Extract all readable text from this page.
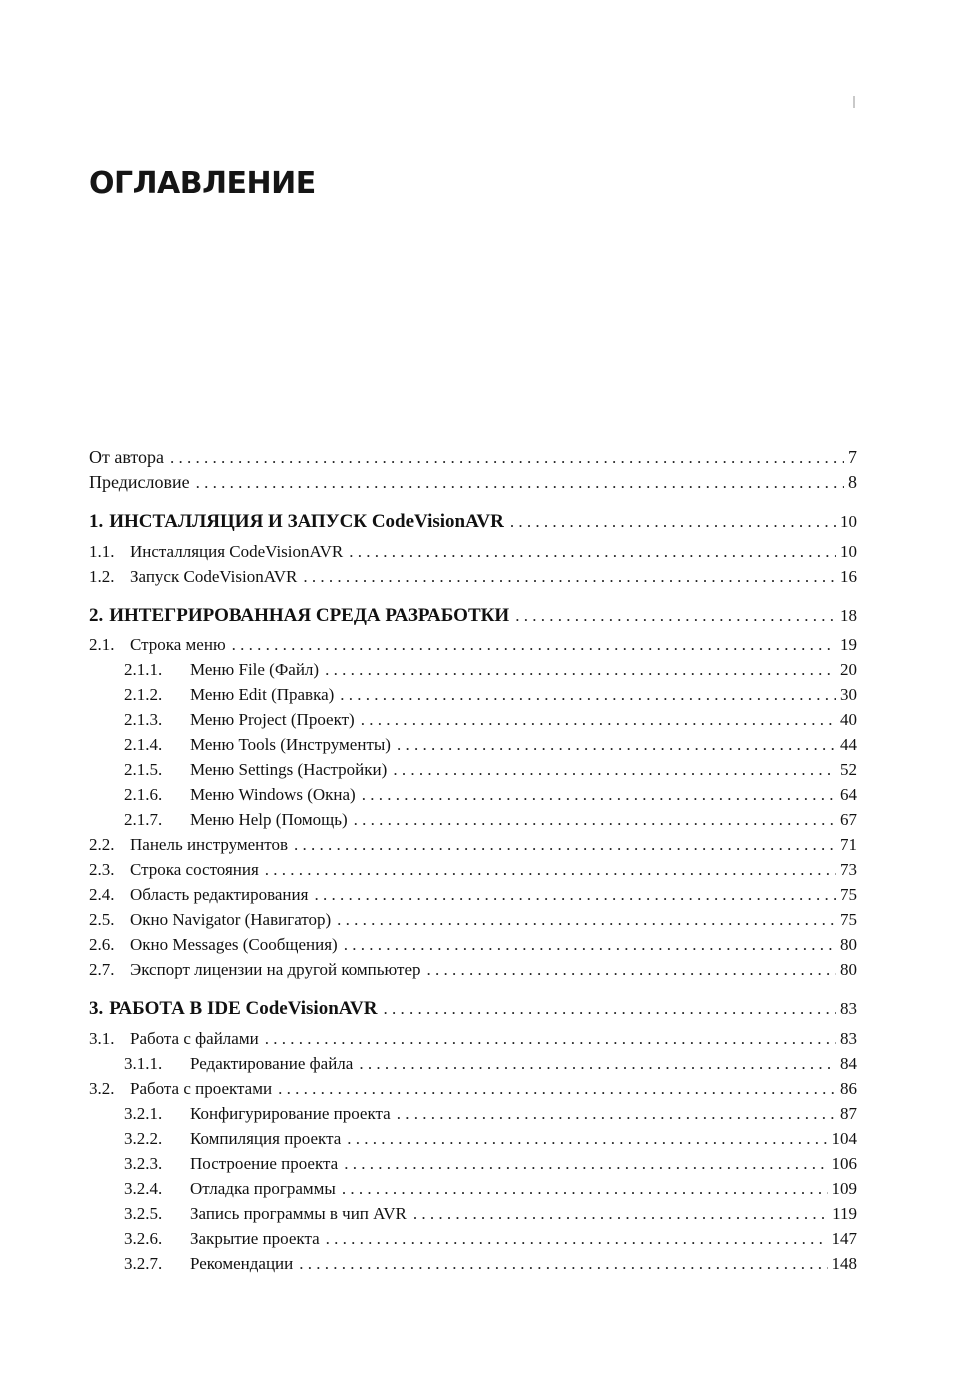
ОГЛАВЛЕНИЕ
От автора . . .	7
Предисловие . . .	8
1. ИНСТАЛЛЯЦИЯ И ЗАПУСК CodeVisionAVR . . .	10
1.1. Инсталляция CodeVisionAVR . . .	10
1.2. Запуск CodeVisionAVR . . .	16
2. ИНТЕГРИРОВАННАЯ СРЕДА РАЗРАБОТКИ . . .	18
2.1. Строка меню . . .	19
2.1.1.	Меню File (Файл) . . .	20
2.1.2.	Меню Edit (Правка) . . .	30
2.1.3.	Меню Project (Проект) . . .	40
2.1.4.	Меню Tools (Инструменты) . . .	44
2.1.5.	Меню Settings (Настройки) . . .	52
2.1.6.	Меню Windows (Окна) . . .	64
2.1.7.	Меню Help (Помощь) . . .	67
2.2. Панель инструментов . . .	71
2.3. Строка состояния . . .	73
2.4. Область редактирования . . .	75
2.5. Окно Navigator (Навигатор) . . .	75
2.6. Окно Messages (Сообщения) . . .	80
2.7. Экспорт лицензии на другой компьютер . . .	80
3. РАБОТА В IDE CodeVisionAVR . . .	83
3.1. Работа с файлами . . .	83
3.1.1.	Редактирование файла . . .	84
3.2. Работа с проектами . . .	86
3.2.1.	Конфигурирование проекта . . .	87
3.2.2.	Компиляция проекта . . .	104
3.2.3.	Построение проекта . . .	106
3.2.4.	Отладка программы . . .	109
3.2.5.	Запись программы в чип AVR . . .	119
3.2.6.	Закрытие проекта . . .	147
3.2.7.	Рекомендации . . .	148
